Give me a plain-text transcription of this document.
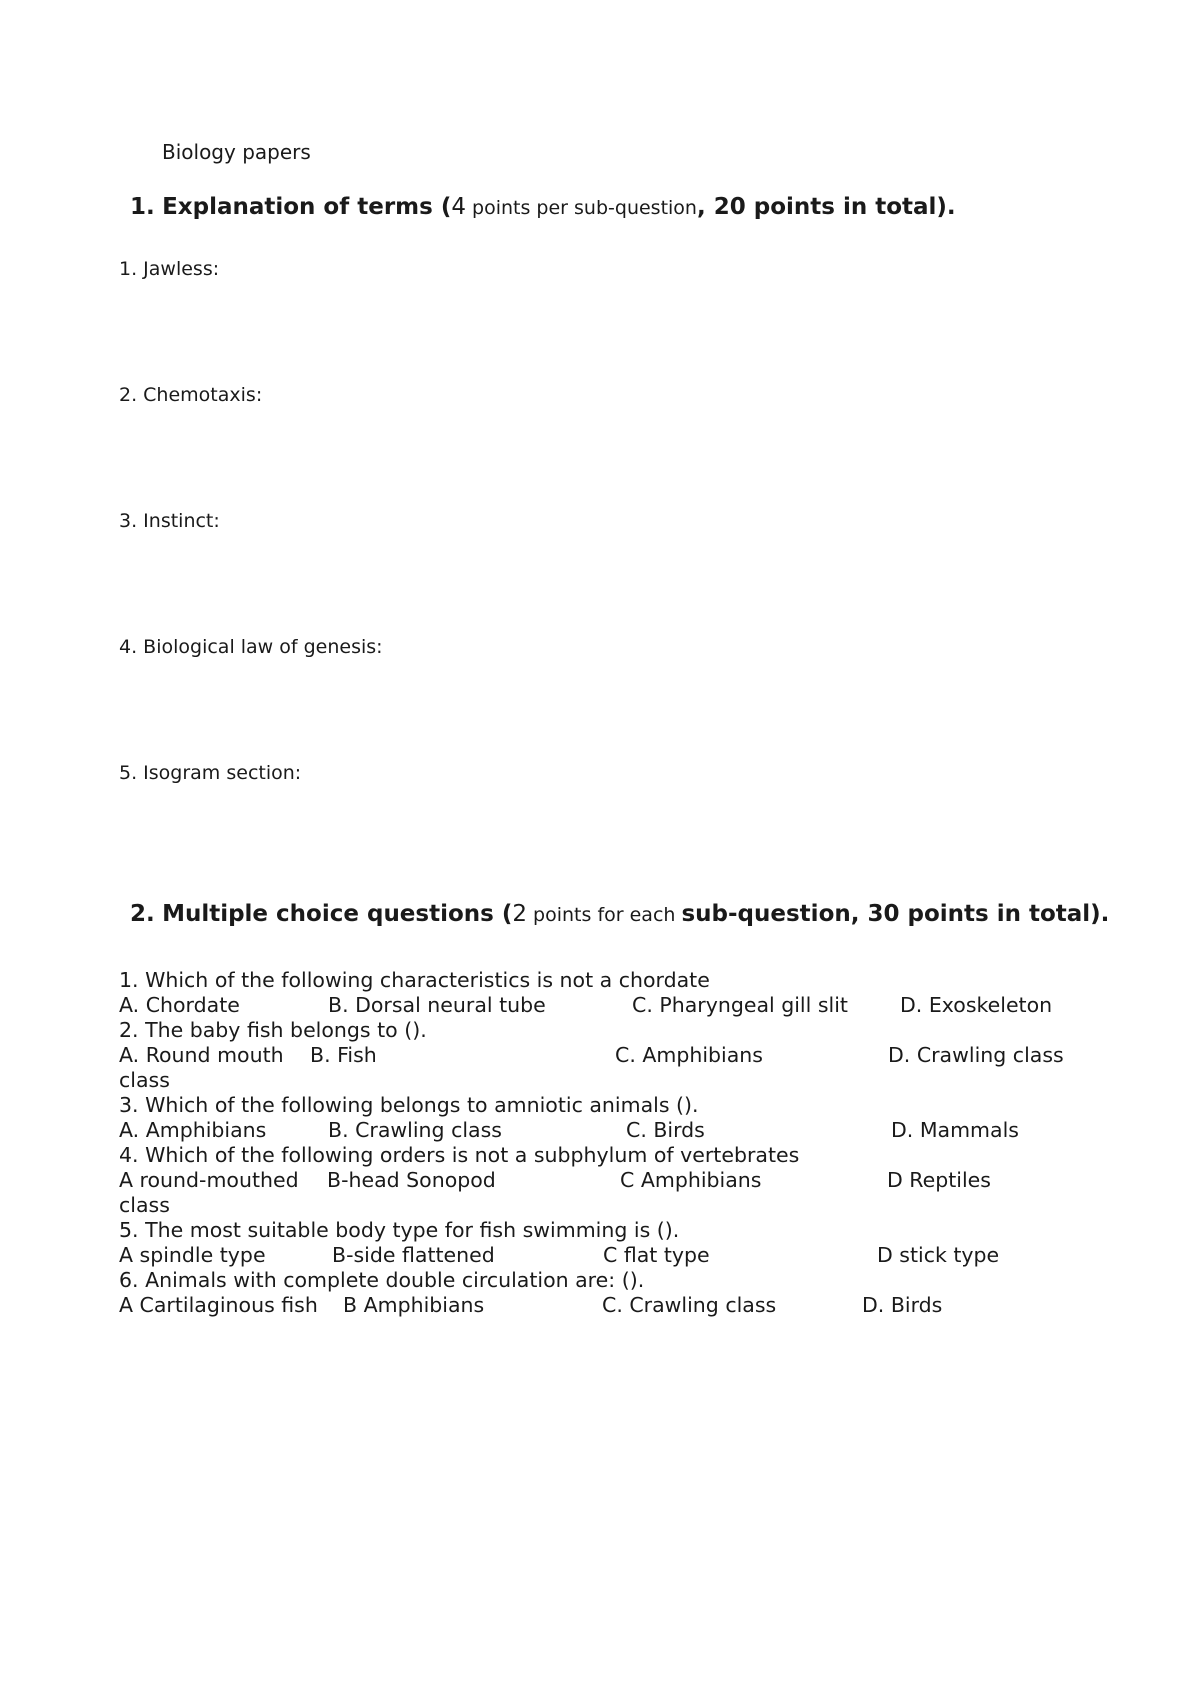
Biology papers
1. Explanation of terms (4 points per sub-question, 20 points in total).
1. Jawless:
2. Chemotaxis:
3. Instinct:
4. Biological law of genesis:
5. Isogram section:
2. Multiple choice questions (2 points for each sub-question, 30 points in total).
1. Which of the following characteristics is not a chordate
A. Chordate	B. Dorsal neural tube	C. Pharyngeal gill slit	D. Exoskeleton
2. The baby fish belongs to ().
A. Round mouth B. Fish	C. Amphibians	D. Crawling class
class
3. Which of the following belongs to amniotic animals ().
A. Amphibians	B. Crawling class	C. Birds	D. Mammals
4. Which of the following orders is not a subphylum of vertebrates
A round-mouthed B-head Sonopod	C Amphibians	D Reptiles
class
5. The most suitable body type for fish swimming is ().
A spindle type	B-side flattened	C flat type	D stick type
6. Animals with complete double circulation are: ().
A Cartilaginous fish B Amphibians	C. Crawling class	D. Birds
